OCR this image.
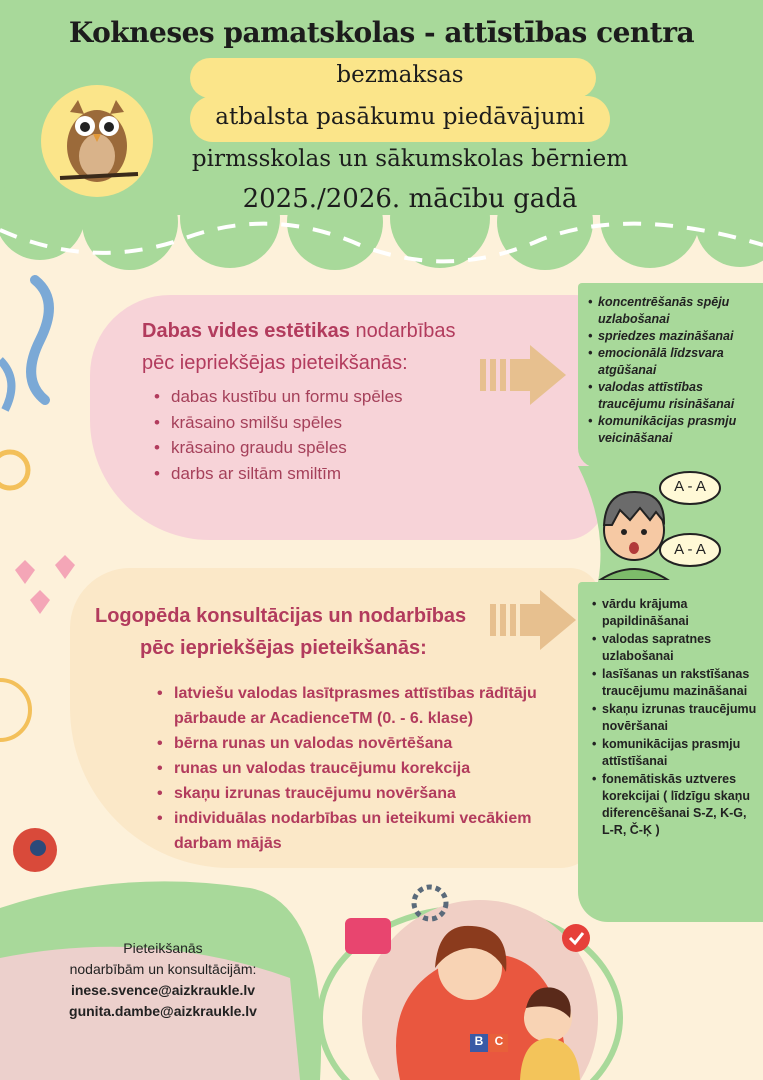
Kokneses pamatskolas - attīstības centra
bezmaksas
atbalsta pasākumu piedāvājumi
pirmsskolas un sākumskolas bērniem
2025./2026. mācību gadā
Dabas vides estētikas nodarbības
pēc iepriekšējas pieteikšanās:
• dabas kustību un formu spēles
• krāsaino smilšu spēles
• krāsaino graudu spēles
• darbs ar siltām smiltīm
• koncentrēšanās spēju uzlabošanai
• spriedzes mazināšanai
• emocionālā līdzsvara atgūšanai
• valodas attīstības traucējumu risināšanai
• komunikācijas prasmju veicināšanai
A - A
A - A
Logopēda konsultācijas un nodarbības
pēc iepriekšējas pieteikšanās:
• latviešu valodas lasītprasmes attīstības rādītāju pārbaude ar AcadienceTM (0. - 6. klase)
• bērna runas un valodas novērtēšana
• runas un valodas traucējumu korekcija
• skaņu izrunas traucējumu novēršana
• individuālas nodarbības un ieteikumi vecākiem darbam mājās
• vārdu krājuma papildināšanai
• valodas sapratnes uzlabošanai
• lasīšanas un rakstīšanas traucējumu mazināšanai
• skaņu izrunas traucējumu novēršanai
• komunikācijas prasmju attīstīšanai
• fonemātiskās uztveres korekcijai ( līdzīgu skaņu diferencēšanai S-Z, K-G, L-R, Č-Ķ )
B C
Pieteikšanās
nodarbībām un konsultācijām:
inese.svence@aizkraukle.lv
gunita.dambe@aizkraukle.lv
